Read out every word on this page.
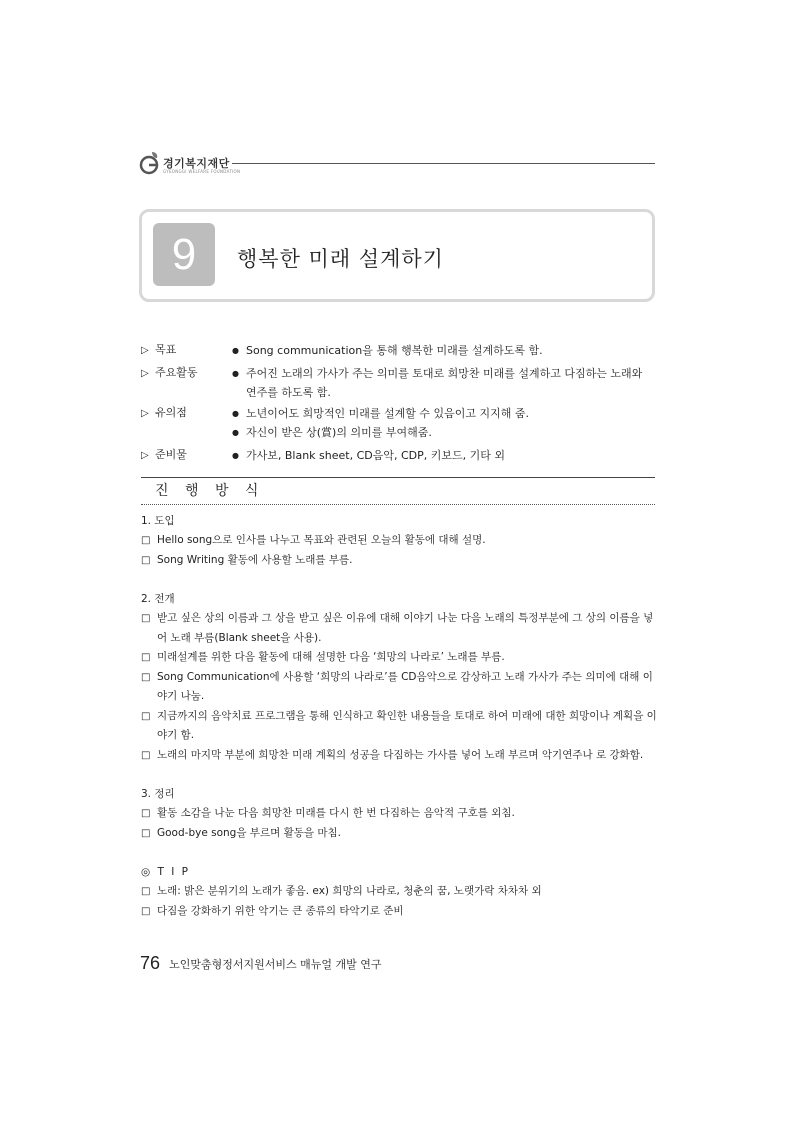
경기복지재단
GYEONGGI WELFARE FOUNDATION
9	행복한 미래 설계하기
▷ 목표	● Song communication을 통해 행복한 미래를 설계하도록 함.
▷ 주요활동	● 주어진 노래의 가사가 주는 의미를 토대로 희망찬 미래를 설계하고 다짐하는 노래와 연주를 하도록 함.
▷ 유의점	● 노년이어도 희망적인 미래를 설계할 수 있음이고 지지해 줌.
● 자신이 받은 상(賞)의 의미를 부여해줌.
▷ 준비물	● 가사보, Blank sheet, CD음악, CDP, 키보드, 기타 외
진 행 방 식
1. 도입
□ Hello song으로 인사를 나누고 목표와 관련된 오늘의 활동에 대해 설명.
□ Song Writing 활동에 사용할 노래를 부름.
2. 전개
□ 받고 싶은 상의 이름과 그 상을 받고 싶은 이유에 대해 이야기 나눈 다음 노래의 특정부분에 그 상의 이름을 넣어 노래 부름(Blank sheet을 사용).
□ 미래설계를 위한 다음 활동에 대해 설명한 다음 ‘희망의 나라로’ 노래를 부름.
□ Song Communication에 사용할 ‘희망의 나라로’를 CD음악으로 감상하고 노래 가사가 주는 의미에 대해 이야기 나눔.
□ 지금까지의 음악치료 프로그램을 통해 인식하고 확인한 내용들을 토대로 하여 미래에 대한 희망이나 계획을 이야기 함.
□ 노래의 마지막 부분에 희망찬 미래 계획의 성공을 다짐하는 가사를 넣어 노래 부르며 악기연주나 로 강화함.
3. 정리
□ 활동 소감을 나눈 다음 희망찬 미래를 다시 한 번 다짐하는 음악적 구호를 외침.
□ Good-bye song을 부르며 활동을 마침.
◎ T I P
□ 노래: 밝은 분위기의 노래가 좋음. ex) 희망의 나라로, 청춘의 꿈, 노랫가락 차차차 외
□ 다짐을 강화하기 위한 악기는 큰 종류의 타악기로 준비
76 노인맞춤형정서지원서비스 매뉴얼 개발 연구
